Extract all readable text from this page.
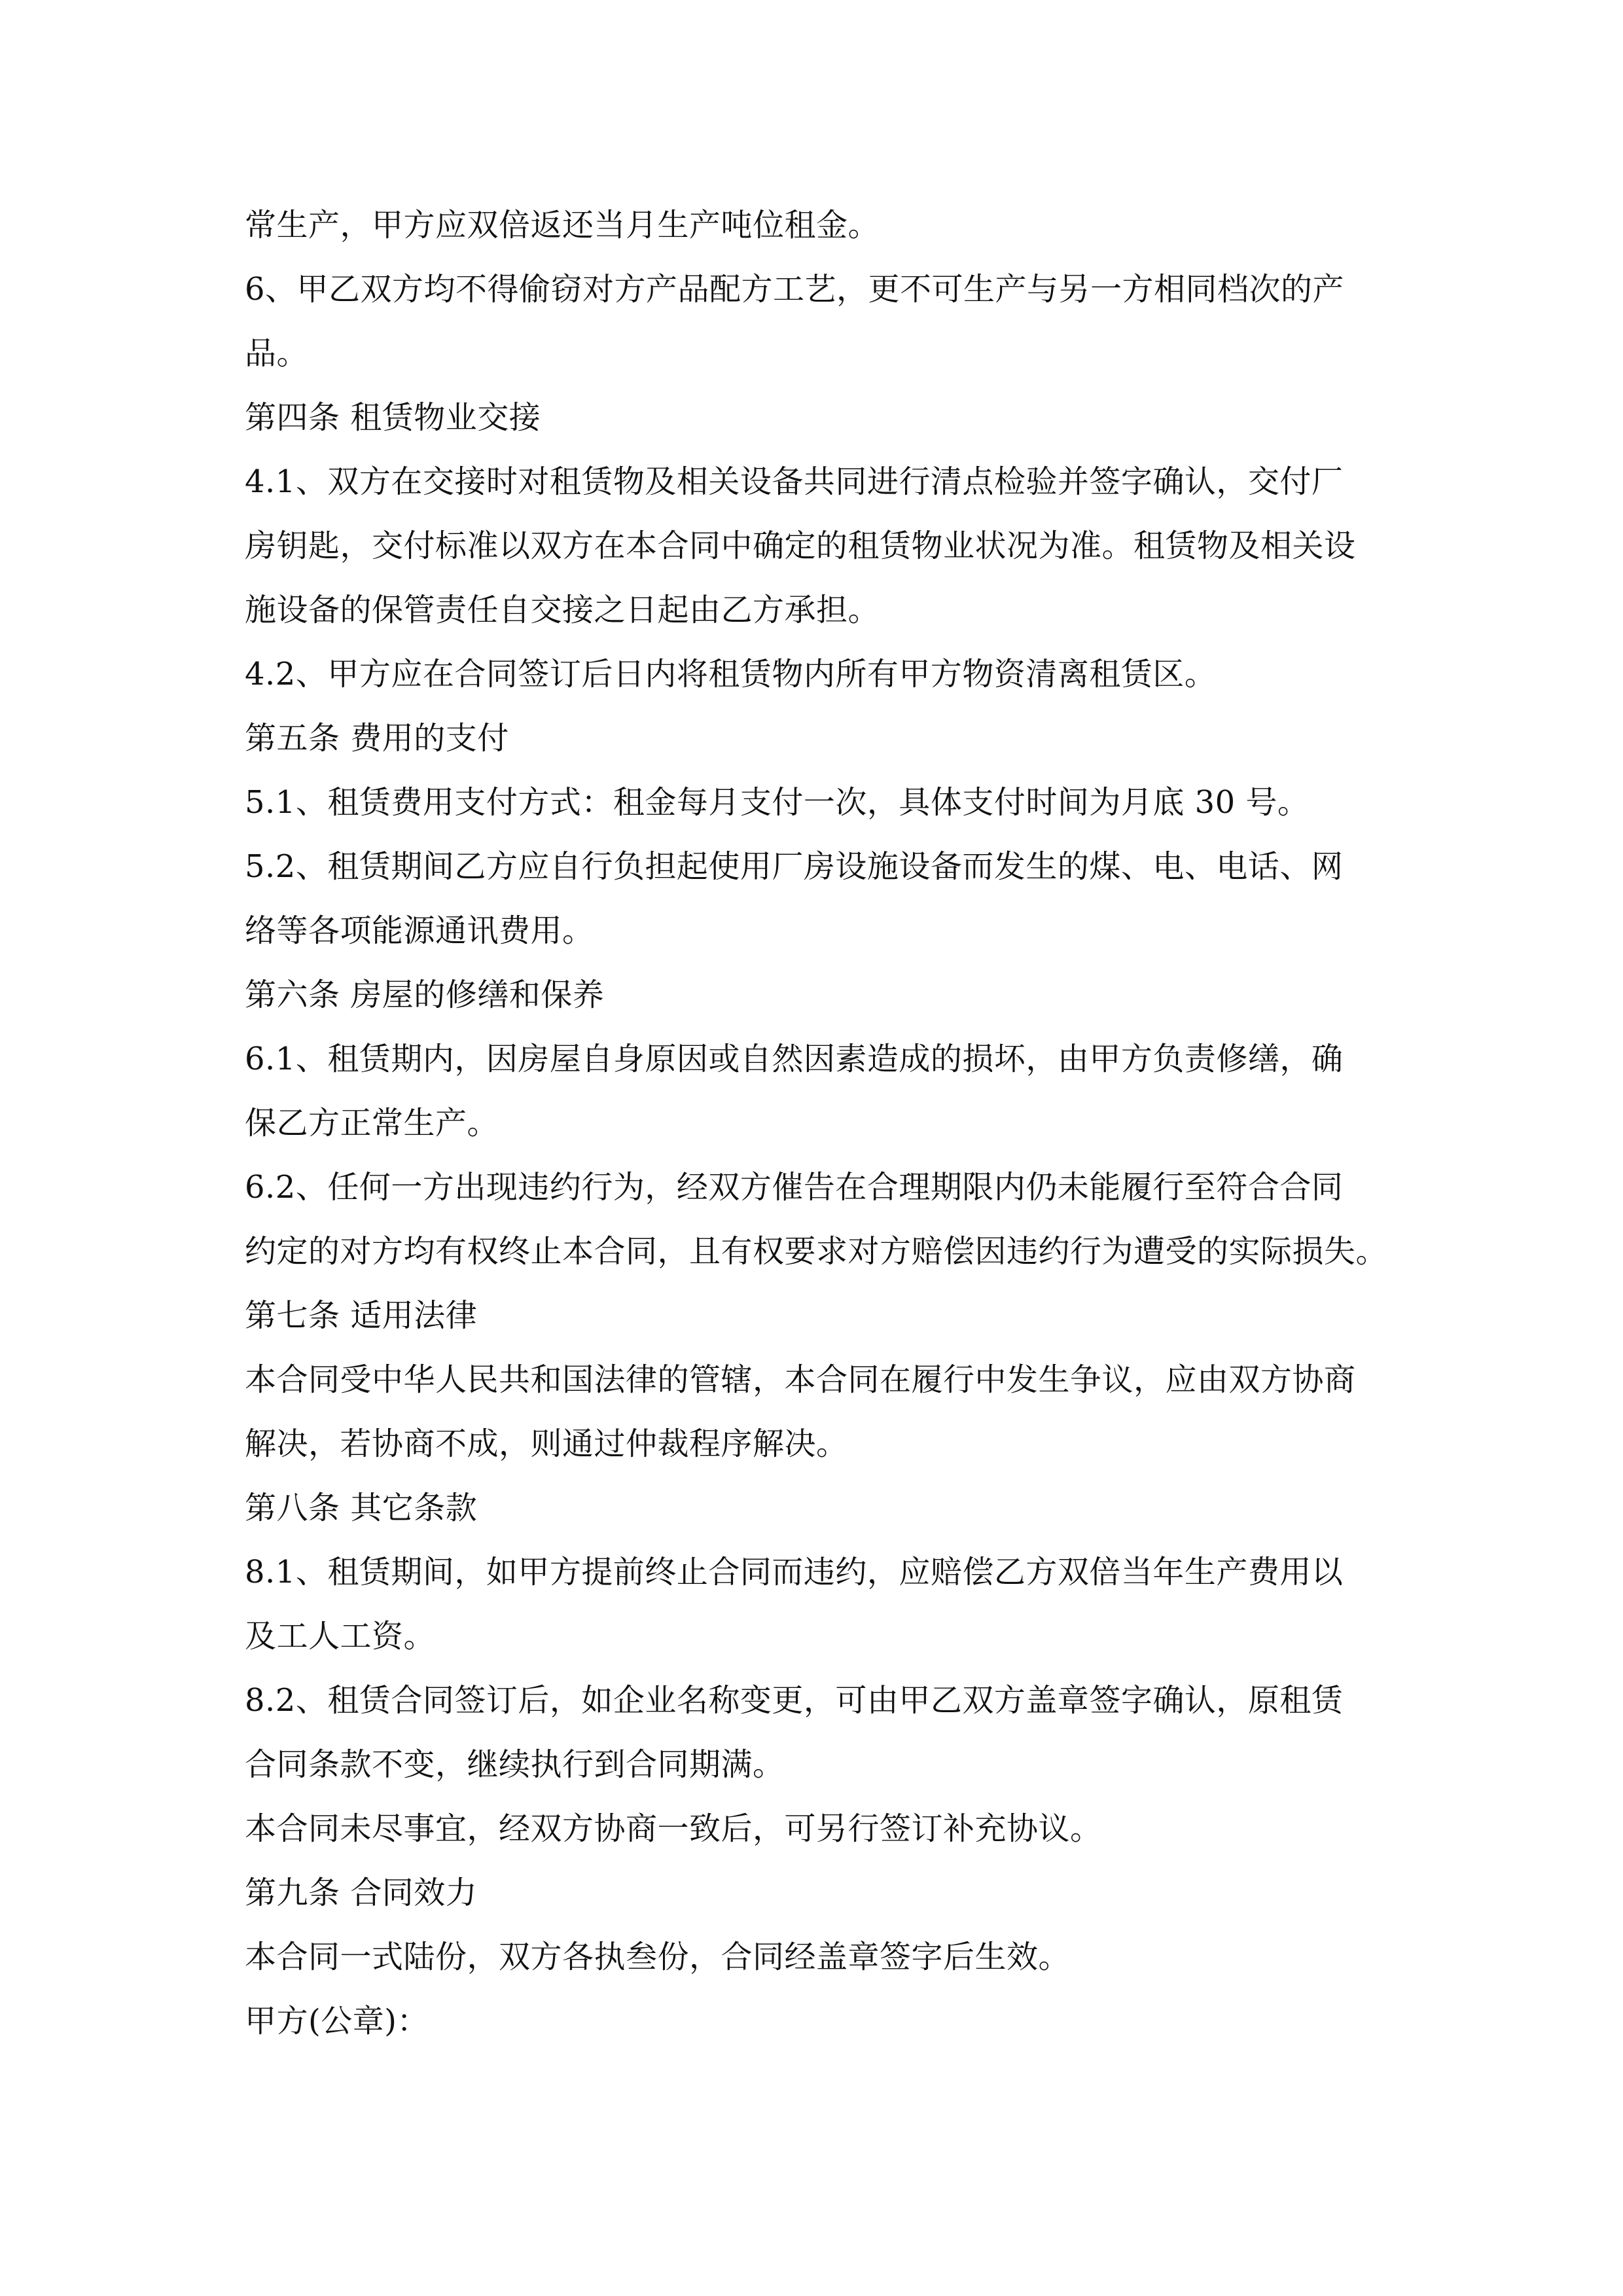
常生产，甲方应双倍返还当月生产吨位租金。
6、甲乙双方均不得偷窃对方产品配方工艺，更不可生产与另一方相同档次的产
品。
第四条 租赁物业交接
4.1、双方在交接时对租赁物及相关设备共同进行清点检验并签字确认，交付厂
房钥匙，交付标准以双方在本合同中确定的租赁物业状况为准。租赁物及相关设
施设备的保管责任自交接之日起由乙方承担。
4.2、甲方应在合同签订后日内将租赁物内所有甲方物资清离租赁区。
第五条 费用的支付
5.1、租赁费用支付方式：租金每月支付一次，具体支付时间为月底 30 号。
5.2、租赁期间乙方应自行负担起使用厂房设施设备而发生的煤、电、电话、网
络等各项能源通讯费用。
第六条 房屋的修缮和保养
6.1、租赁期内，因房屋自身原因或自然因素造成的损坏，由甲方负责修缮，确
保乙方正常生产。
6.2、任何一方出现违约行为，经双方催告在合理期限内仍未能履行至符合合同
约定的对方均有权终止本合同，且有权要求对方赔偿因违约行为遭受的实际损失。
第七条 适用法律
本合同受中华人民共和国法律的管辖，本合同在履行中发生争议，应由双方协商
解决，若协商不成，则通过仲裁程序解决。
第八条 其它条款
8.1、租赁期间，如甲方提前终止合同而违约，应赔偿乙方双倍当年生产费用以
及工人工资。
8.2、租赁合同签订后，如企业名称变更，可由甲乙双方盖章签字确认，原租赁
合同条款不变，继续执行到合同期满。
本合同未尽事宜，经双方协商一致后，可另行签订补充协议。
第九条 合同效力
本合同一式陆份，双方各执叁份，合同经盖章签字后生效。
甲方(公章)：
